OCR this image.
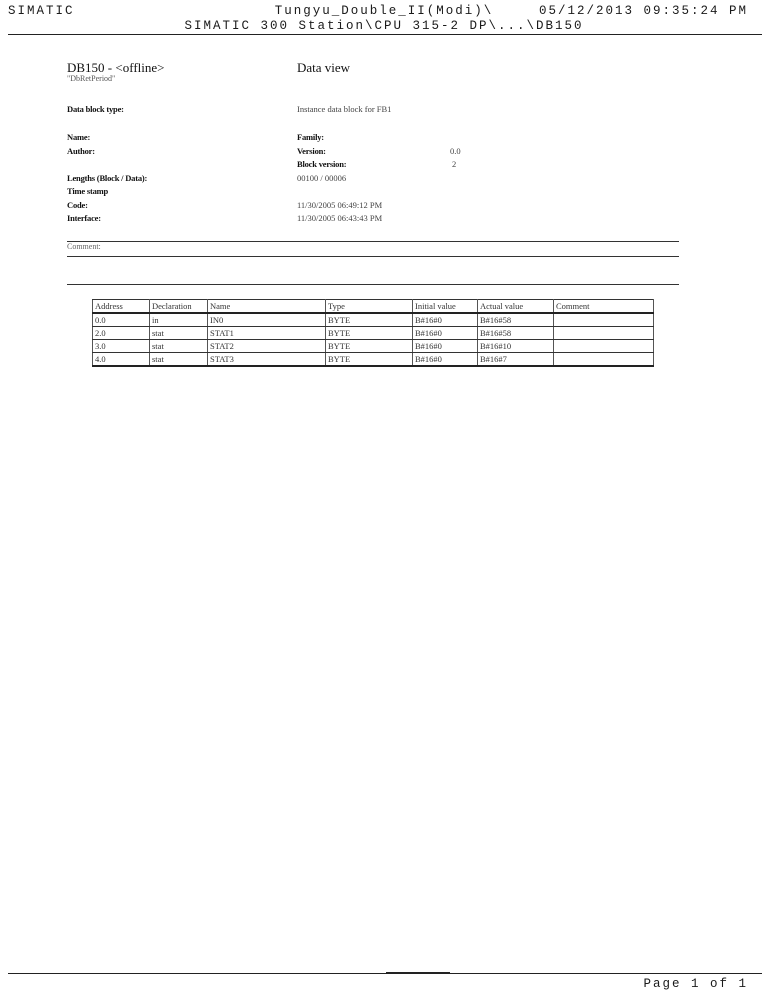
SIMATIC	Tungyu_Double_II(Modi)\
SIMATIC 300 Station\CPU 315-2 DP\...\DB150
05/12/2013 09:35:24 PM
DB150 - <offline>
"DbRetPeriod"
Data view
Data block type:	Instance data block for FB1
Name:	Family:
Author:	Version:	0.0
Block version:	2
Lengths (Block / Data):	00100 / 00006
Time stamp
Code:	11/30/2005 06:49:12 PM
Interface:	11/30/2005 06:43:43 PM
Comment:
Address	Declaration	Name	Type	Initial value	Actual value	Comment
0.0	in	IN0	BYTE	B#16#0	B#16#58	
2.0	stat	STAT1	BYTE	B#16#0	B#16#58	
3.0	stat	STAT2	BYTE	B#16#0	B#16#10	
4.0	stat	STAT3	BYTE	B#16#0	B#16#7	
Page 1 of 1
